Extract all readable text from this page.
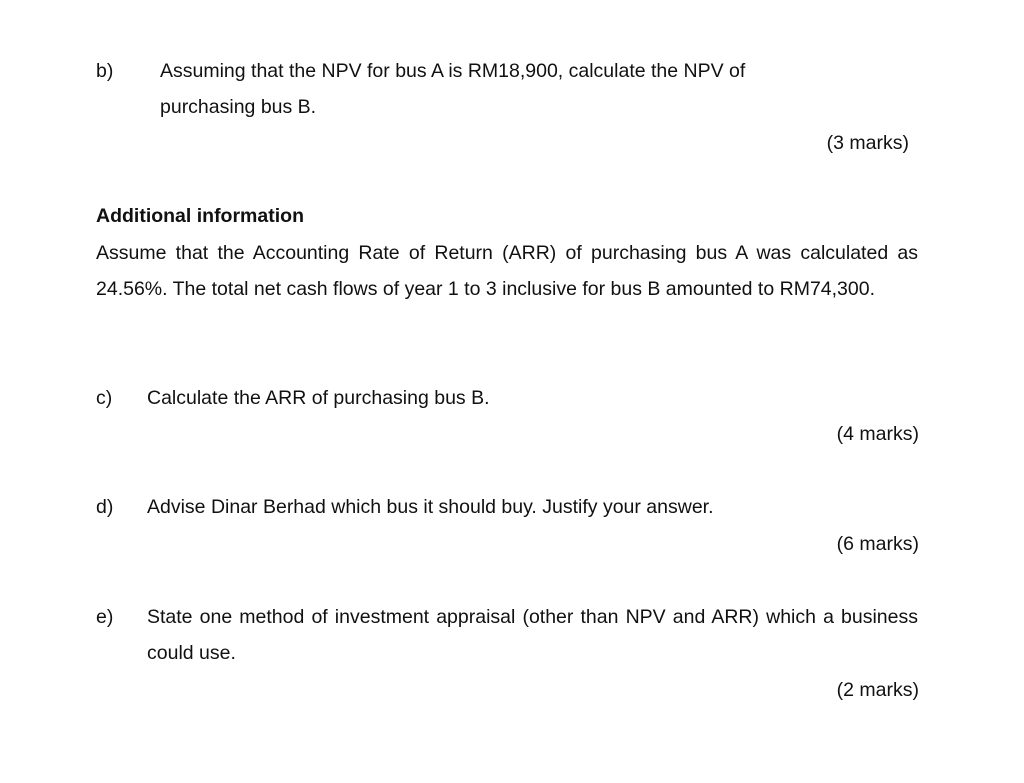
b) Assuming that the NPV for bus A is RM18,900, calculate the NPV of
purchasing bus B.
(3 marks)
Additional information

Assume that the Accounting Rate of Return (ARR) of purchasing bus A was calculated as 24.56%. The total net cash flows of year 1 to 3 inclusive for bus B amounted to RM74,300.

c) Calculate the ARR of purchasing bus B.
(4 marks)
d) Advise Dinar Berhad which bus it should buy. Justify your answer.
(6 marks)
e) State one method of investment appraisal (other than NPV and ARR) which a business could use.

(2 marks)
